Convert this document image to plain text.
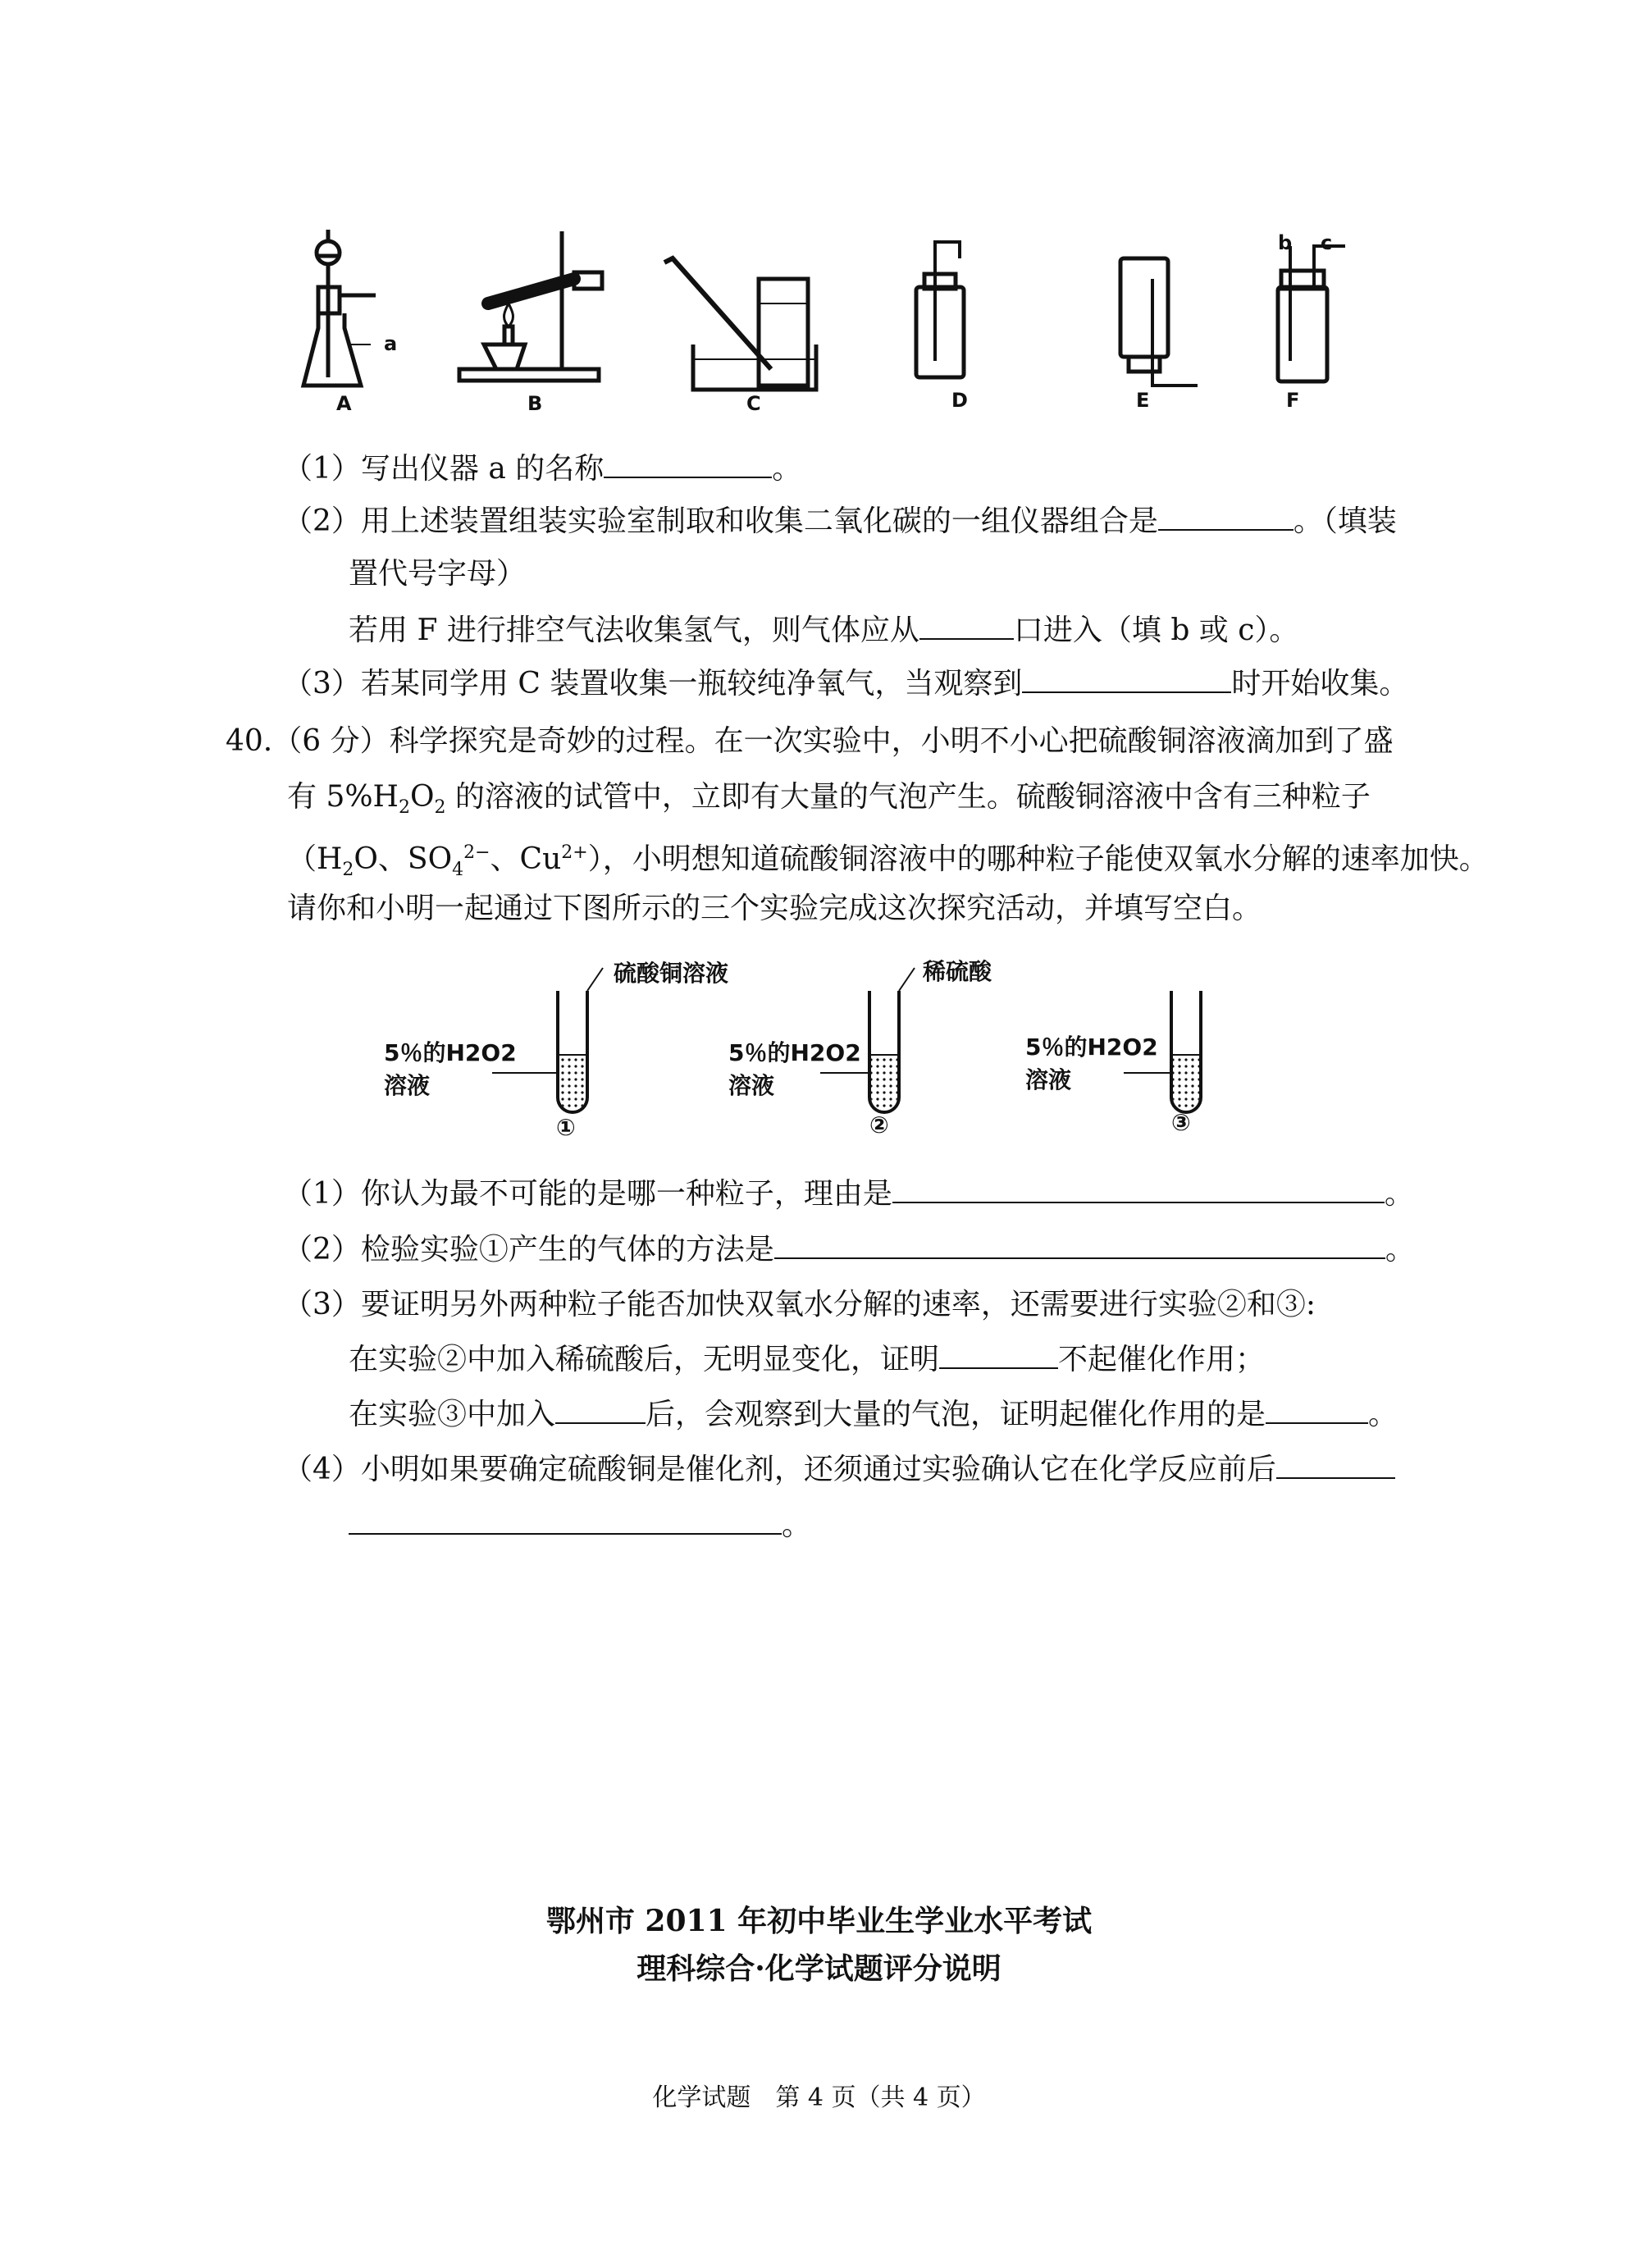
a
b c
A	B	C	D	E	F
（1）写出仪器 a 的名称	。
（2）用上述装置组装实验室制取和收集二氧化碳的一组仪器组合是	。（填装
置代号字母）
若用 F 进行排空气法收集氢气，则气体应从	口进入（填 b 或 c）。
（3）若某同学用 C 装置收集一瓶较纯净氧气，当观察到	时开始收集。
40.（6 分）科学探究是奇妙的过程。在一次实验中，小明不小心把硫酸铜溶液滴加到了盛
有 $5\%H_2O_2$ 的溶液的试管中，立即有大量的气泡产生。硫酸铜溶液中含有三种粒子
（$H_2O$、$SO_4^{2-}$、$Cu^{2+}$），小明想知道硫酸铜溶液中的哪种粒子能使双氧水分解的速率加快。
请你和小明一起通过下图所示的三个实验完成这次探究活动，并填写空白。
硫酸铜溶液	稀硫酸
5％的H2O2
溶液
5％的H2O2
溶液
5％的H2O2
溶液
①	②	③
（1）你认为最不可能的是哪一种粒子，理由是	。
（2）检验实验①产生的气体的方法是	。
（3）要证明另外两种粒子能否加快双氧水分解的速率，还需要进行实验②和③:
在实验②中加入稀硫酸后，无明显变化，证明	不起催化作用；
在实验③中加入	后，会观察到大量的气泡，证明起催化作用的是	。
（4）小明如果要确定硫酸铜是催化剂，还须通过实验确认它在化学反应前后
。
鄂州市 2011 年初中毕业生学业水平考试
理科综合·化学试题评分说明
化学试题　第 4 页（共 4 页）
